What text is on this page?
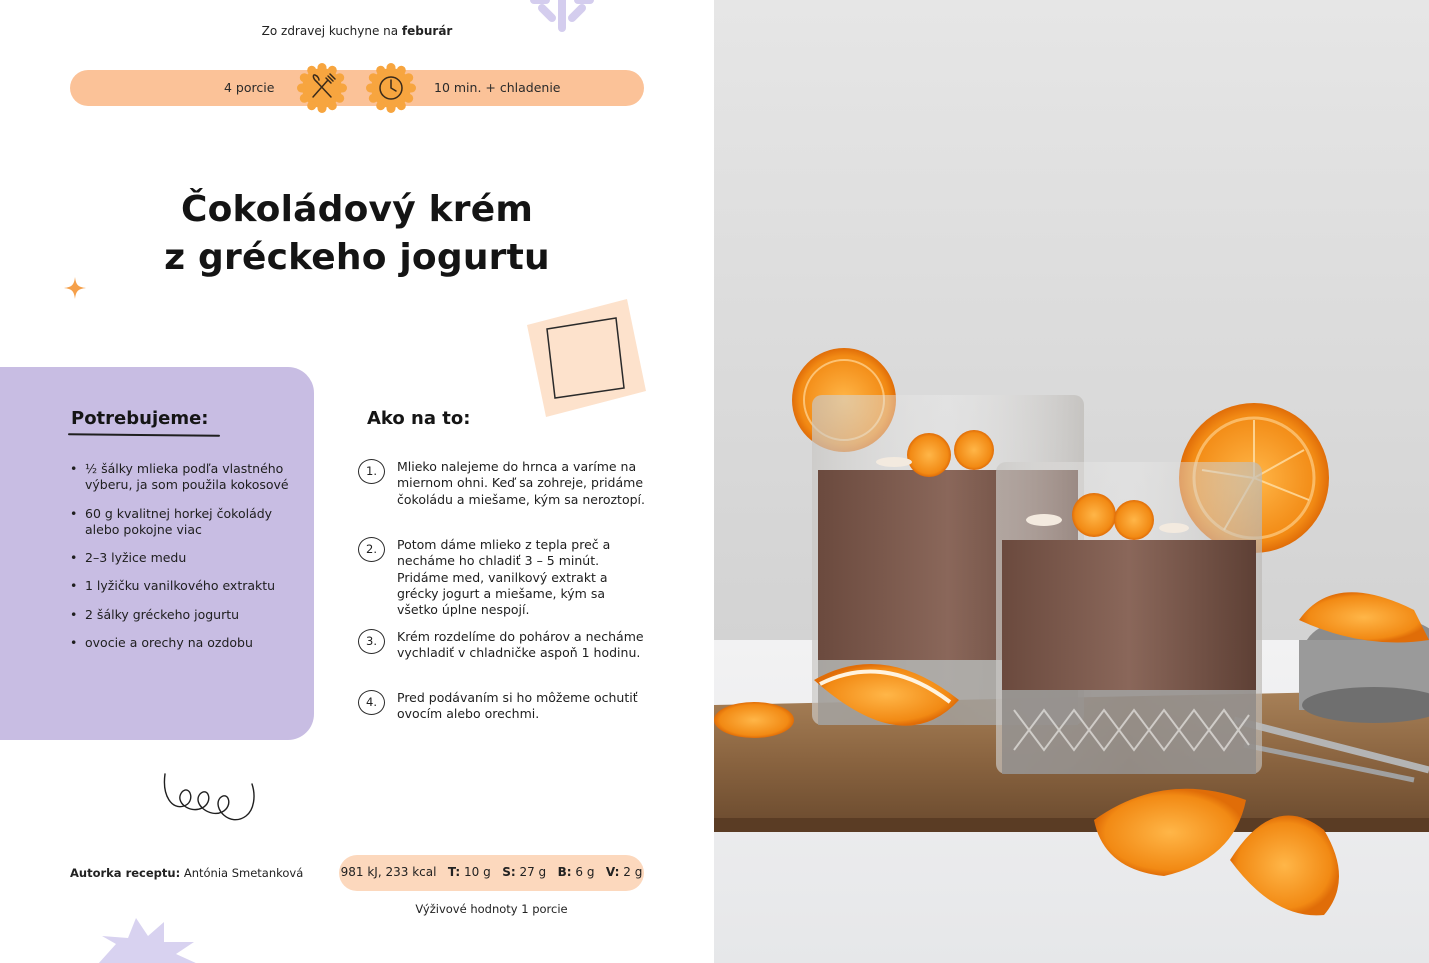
Zo zdravej kuchyne na feburár
4 porcie	10 min. + chladenie
Čokoládový krém
z gréckeho jogurtu
Potrebujeme:
• ½ šálky mlieka podľa vlastného výberu, ja som použila kokosové
• 60 g kvalitnej horkej čokolády alebo pokojne viac
• 2–3 lyžice medu
• 1 lyžičku vanilkového extraktu
• 2 šálky gréckeho jogurtu
• ovocie a orechy na ozdobu
Ako na to:
1.	Mlieko nalejeme do hrnca a varíme na miernom ohni. Keď sa zohreje, pridáme čokoládu a miešame, kým sa neroztopí.
2.	Potom dáme mlieko z tepla preč a necháme ho chladiť 3 – 5 minút. Pridáme med, vanilkový extrakt a grécky jogurt a miešame, kým sa všetko úplne nespojí.
3.	Krém rozdelíme do pohárov a necháme vychladiť v chladničke aspoň 1 hodinu.
4.	Pred podávaním si ho môžeme ochutiť ovocím alebo orechmi.
Autorka receptu: Antónia Smetanková	981 kJ, 233 kcal T: 10 g S: 27 g B: 6 g V: 2 g
Výživové hodnoty 1 porcie
